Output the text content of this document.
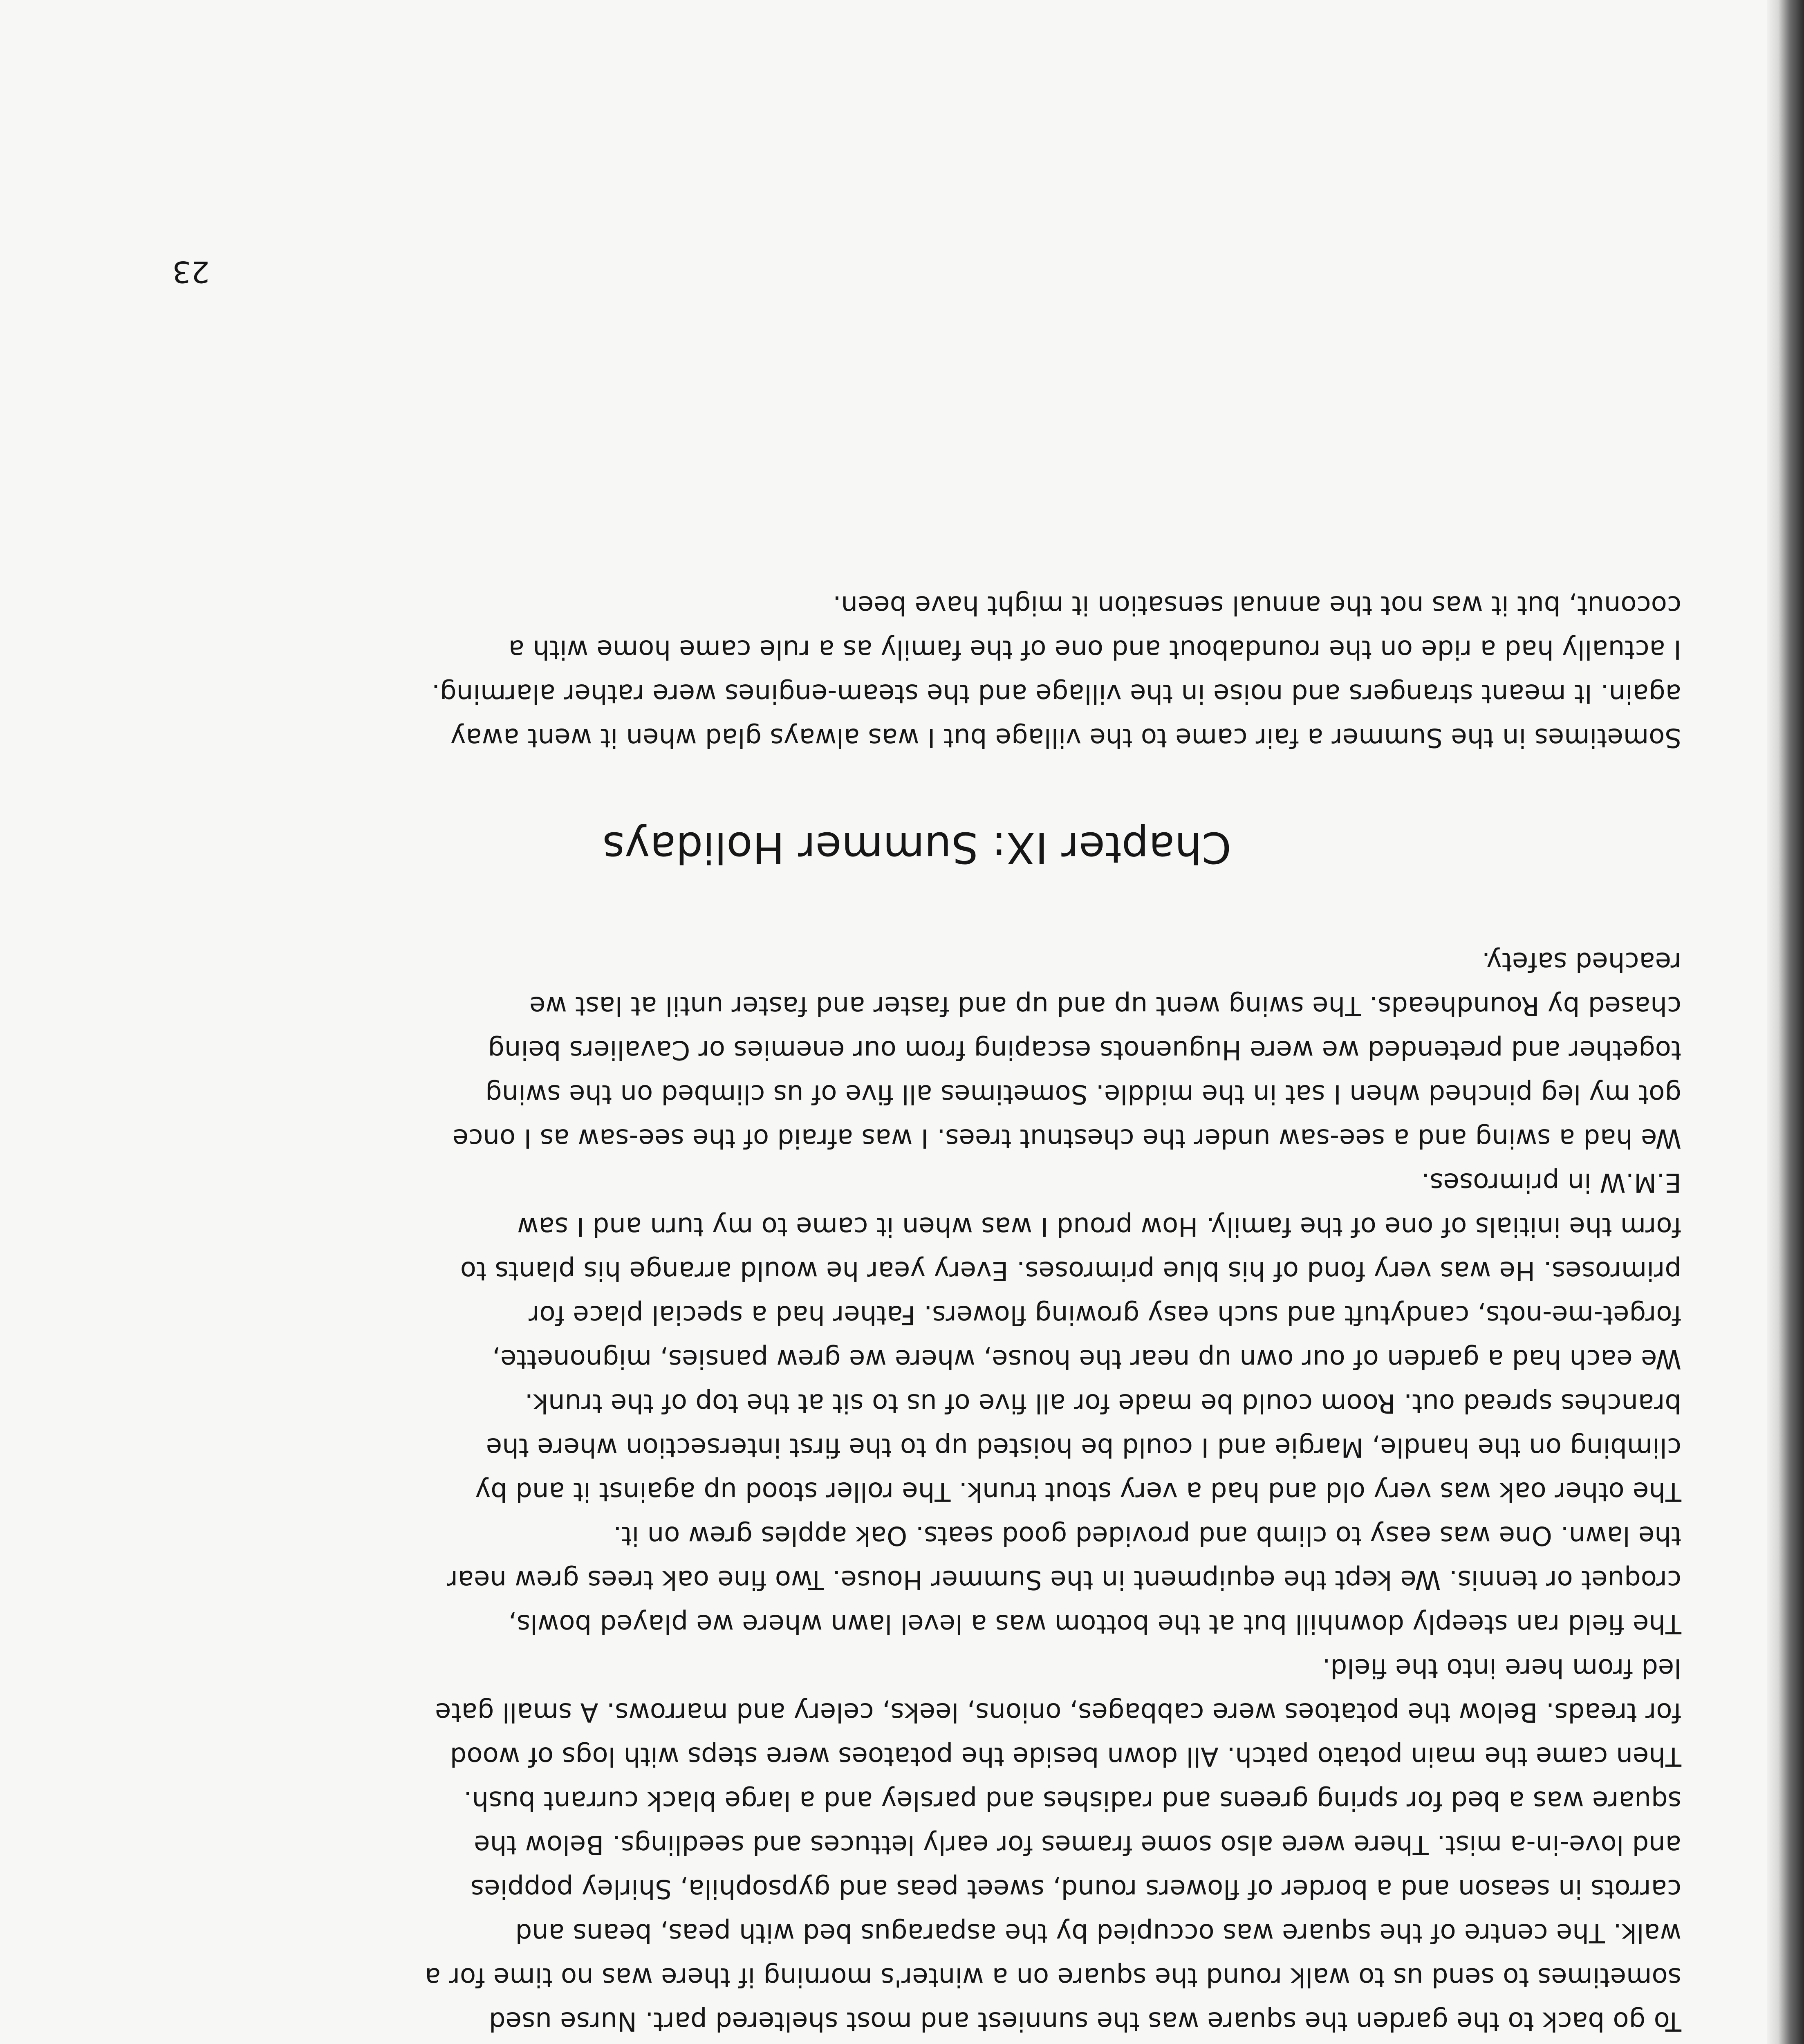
To go back to the garden the square was the sunniest and most sheltered part. Nurse used
sometimes to send us to walk round the square on a winter's morning if there was no time for a
walk. The centre of the square was occupied by the asparagus bed with peas, beans and
carrots in season and a border of flowers round, sweet peas and gypsophila, Shirley poppies
and love-in-a mist. There were also some frames for early lettuces and seedlings. Below the
square was a bed for spring greens and radishes and parsley and a large black currant bush.
Then came the main potato patch. All down beside the potatoes were steps with logs of wood
for treads. Below the potatoes were cabbages, onions, leeks, celery and marrows. A small gate
led from here into the field.

The field ran steeply downhill but at the bottom was a level lawn where we played bowls,
croquet or tennis. We kept the equipment in the Summer House. Two fine oak trees grew near
the lawn. One was easy to climb and provided good seats. Oak apples grew on it.
The other oak was very old and had a very stout trunk. The roller stood up against it and by
climbing on the handle, Margie and I could be hoisted up to the first intersection where the
branches spread out. Room could be made for all five of us to sit at the top of the trunk.

We each had a garden of our own up near the house, where we grew pansies, mignonette,
forget-me-nots, candytuft and such easy growing flowers. Father had a special place for
primroses. He was very fond of his blue primroses. Every year he would arrange his plants to
form the initials of one of the family. How proud I was when it came to my turn and I saw
E.M.W in primroses.

We had a swing and a see-saw under the chestnut trees. I was afraid of the see-saw as I once
got my leg pinched when I sat in the middle. Sometimes all five of us climbed on the swing
together and pretended we were Huguenots escaping from our enemies or Cavaliers being
chased by Roundheads. The swing went up and up and faster and faster until at last we
reached safety.

Chapter IX: Summer Holidays

Sometimes in the Summer a fair came to the village but I was always glad when it went away
again. It meant strangers and noise in the village and the steam-engines were rather alarming.
I actually had a ride on the roundabout and one of the family as a rule came home with a
coconut, but it was not the annual sensation it might have been.

23
